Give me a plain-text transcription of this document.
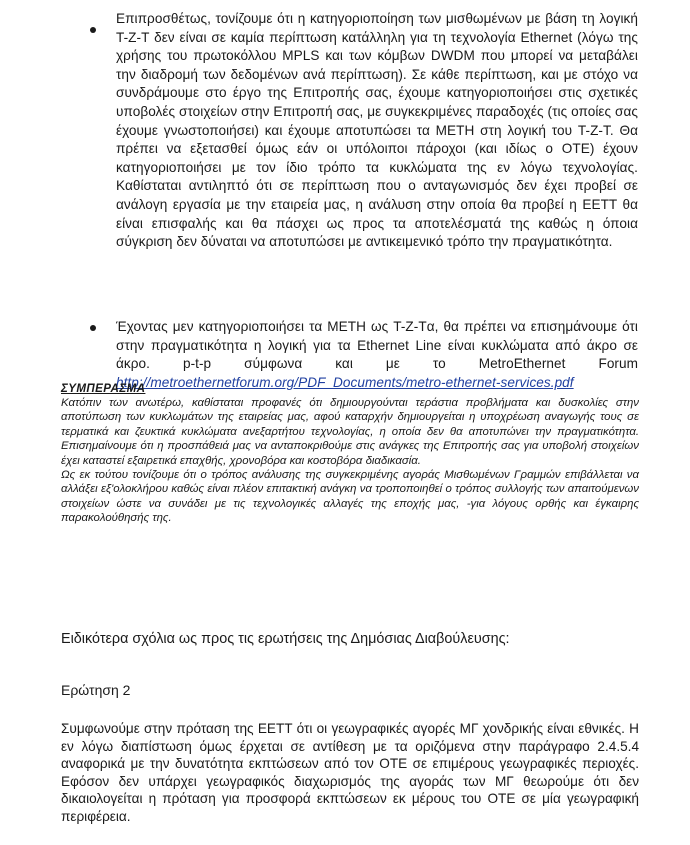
Επιπροσθέτως, τονίζουμε ότι η κατηγοριοποίηση των μισθωμένων με βάση τη λογική T-Z-T δεν είναι σε καμία περίπτωση κατάλληλη για τη τεχνολογία Ethernet (λόγω της χρήσης του πρωτοκόλλου MPLS και των κόμβων DWDM που μπορεί να μεταβάλει την διαδρομή των δεδομένων ανά περίπτωση). Σε κάθε περίπτωση, και με στόχο να συνδράμουμε στο έργο της Επιτροπής σας, έχουμε κατηγοριοποιήσει στις σχετικές υποβολές στοιχείων στην Επιτροπή σας, με συγκεκριμένες παραδοχές (τις οποίες σας έχουμε γνωστοποιήσει) και έχουμε αποτυπώσει τα ΜΕΤΗ στη λογική του T-Z-T. Θα πρέπει να εξετασθεί όμως εάν οι υπόλοιποι πάροχοι (και ιδίως ο ΟΤΕ) έχουν κατηγοριοποιήσει με τον ίδιο τρόπο τα κυκλώματα της εν λόγω τεχνολογίας. Καθίσταται αντιληπτό ότι σε περίπτωση που ο ανταγωνισμός δεν έχει προβεί σε ανάλογη εργασία με την εταιρεία μας, η ανάλυση στην οποία θα προβεί η ΕΕΤΤ θα είναι επισφαλής και θα πάσχει ως προς τα αποτελέσματά της καθώς η όποια σύγκριση δεν δύναται να αποτυπώσει με αντικειμενικό τρόπο την πραγματικότητα.
Έχοντας μεν κατηγοριοποιήσει τα ΜΕΤΗ ως T-Z-Tα, θα πρέπει να επισημάνουμε ότι στην πραγματικότητα η λογική για τα Ethernet Line είναι κυκλώματα από άκρο σε άκρο. p-t-p σύμφωνα και με το MetroEthernet Forum http://metroethernetforum.org/PDF_Documents/metro-ethernet-services.pdf
ΣΥΜΠΕΡΑΣΜΑ

Κατόπιν των ανωτέρω, καθίσταται προφανές ότι δημιουργούνται τεράστια προβλήματα και δυσκολίες στην αποτύπωση των κυκλωμάτων της εταιρείας μας, αφού καταρχήν δημιουργείται η υποχρέωση αναγωγής τους σε τερματικά και ζευκτικά κυκλώματα ανεξαρτήτου τεχνολογίας, η οποία δεν θα αποτυπώνει την πραγματικότητα. Επισημαίνουμε ότι η προσπάθειά μας να ανταποκριθούμε στις ανάγκες της Επιτροπής σας για υποβολή στοιχείων έχει καταστεί εξαιρετικά επαχθής, χρονοβόρα και κοστοβόρα διαδικασία.

Ως εκ τούτου τονίζουμε ότι ο τρόπος ανάλυσης της συγκεκριμένης αγοράς Μισθωμένων Γραμμών επιβάλλεται να αλλάξει εξ'ολοκλήρου καθώς είναι πλέον επιτακτική ανάγκη να τροποποιηθεί ο τρόπος συλλογής των απαιτούμενων στοιχείων ώστε να συνάδει με τις τεχνολογικές αλλαγές της εποχής μας, -για λόγους ορθής και έγκαιρης παρακολούθησής της.

Ειδικότερα σχόλια ως προς τις ερωτήσεις της Δημόσιας Διαβούλευσης:
Ερώτηση 2
Συμφωνούμε στην πρόταση της ΕΕΤΤ ότι οι γεωγραφικές αγορές ΜΓ χονδρικής είναι εθνικές. Η εν λόγω διαπίστωση όμως έρχεται σε αντίθεση με τα οριζόμενα στην παράγραφο 2.4.5.4 αναφορικά με την δυνατότητα εκπτώσεων από τον ΟΤΕ σε επιμέρους γεωγραφικές περιοχές. Εφόσον δεν υπάρχει γεωγραφικός διαχωρισμός της αγοράς των ΜΓ θεωρούμε ότι δεν δικαιολογείται η πρόταση για προσφορά εκπτώσεων εκ μέρους του ΟΤΕ σε μία γεωγραφική περιφέρεια.
